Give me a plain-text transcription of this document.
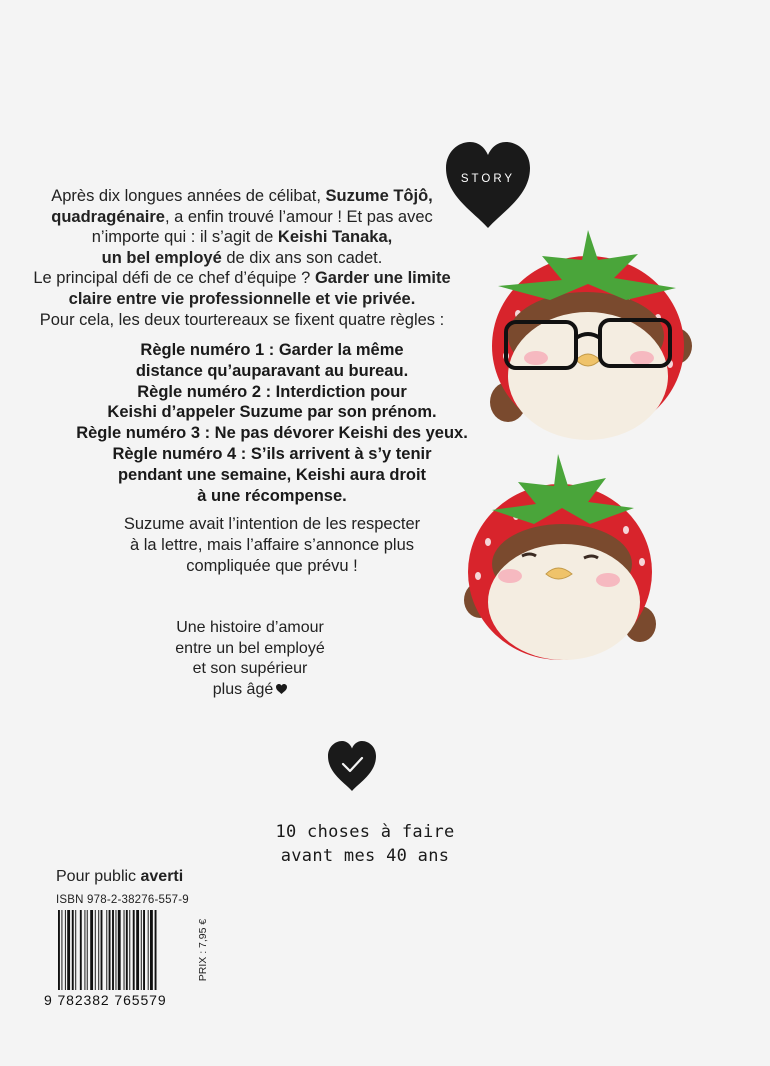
STORY

Après dix longues années de célibat, Suzume Tôjô,
quadragénaire, a enfin trouvé l’amour ! Et pas avec n’importe qui : il s’agit de Keishi Tanaka,
un bel employé de dix ans son cadet.

Le principal défi de ce chef d’équipe ? Garder une limite claire entre vie professionnelle et vie privée.

Pour cela, les deux tourtereaux se fixent quatre règles :

Règle numéro 1 : Garder la même
distance qu’auparavant au bureau.
Règle numéro 2 : Interdiction pour
Keishi d’appeler Suzume par son prénom.
Règle numéro 3 : Ne pas dévorer Keishi des yeux.
Règle numéro 4 : S’ils arrivent à s’y tenir
pendant une semaine, Keishi aura droit
à une récompense.
Suzume avait l’intention de les respecter
à la lettre, mais l’affaire s’annonce plus
compliquée que prévu !
Une histoire d’amour
entre un bel employé
et son supérieur
plus âgé
10 choses à faire
avant mes 40 ans
Pour public averti
ISBN 978-2-38276-557-9
9 782382 765579
PRIX : 7,95 €
